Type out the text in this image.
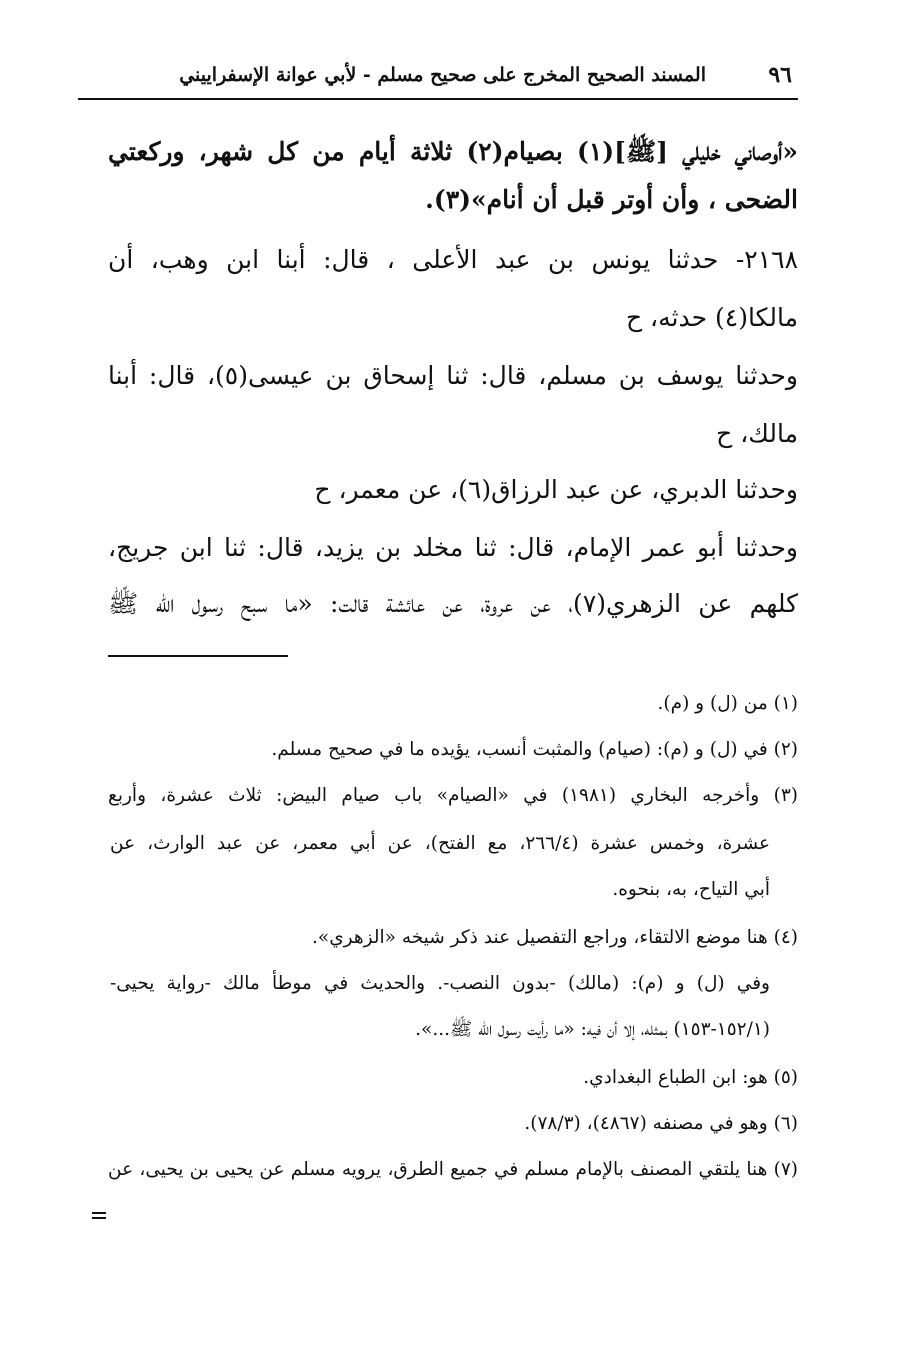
٩٦
المسند الصحيح المخرج على صحيح مسلم - لأبي عوانة الإسفراييني
«أوصاني خليلي [ﷺ](١) بصيام(٢) ثلاثة أيام من كل شهر، وركعتي
الضحى ، وأن أوتر قبل أن أنام»(٣).
٢١٦٨- حدثنا يونس بن عبد الأعلى ، قال: أبنا ابن وهب، أن
مالكا(٤) حدثه، ح
وحدثنا يوسف بن مسلم، قال: ثنا إسحاق بن عيسى(٥)، قال: أبنا
مالك، ح
وحدثنا الدبري، عن عبد الرزاق(٦)، عن معمر، ح
وحدثنا أبو عمر الإمام، قال: ثنا مخلد بن يزيد، قال: ثنا ابن جريج،
كلهم عن الزهري(٧)، عن عروة، عن عائشة قالت: «ما سبح رسول الله ﷺ
(١) من (ل) و (م).
(٢) في (ل) و (م): (صيام) والمثبت أنسب، يؤيده ما في صحيح مسلم.
(٣) وأخرجه البخاري (١٩٨١) في «الصيام» باب صيام البيض: ثلاث عشرة، وأربع
عشرة، وخمس عشرة (٢٦٦/٤، مع الفتح)، عن أبي معمر، عن عبد الوارث، عن
أبي التياح، به، بنحوه.
(٤) هنا موضع الالتقاء، وراجع التفصيل عند ذكر شيخه «الزهري».
وفي (ل) و (م): (مالك) -بدون النصب-. والحديث في موطأ مالك -رواية يحيى-
(١٥٢/١-١٥٣) بمثله، إلا أن فيه: «ما رأيت رسول الله ﷺ...».
(٥) هو: ابن الطباع البغدادي.
(٦) وهو في مصنفه (٤٨٦٧)، (٧٨/٣).
(٧) هنا يلتقي المصنف بالإمام مسلم في جميع الطرق، يرويه مسلم عن يحيى بن يحيى، عن
